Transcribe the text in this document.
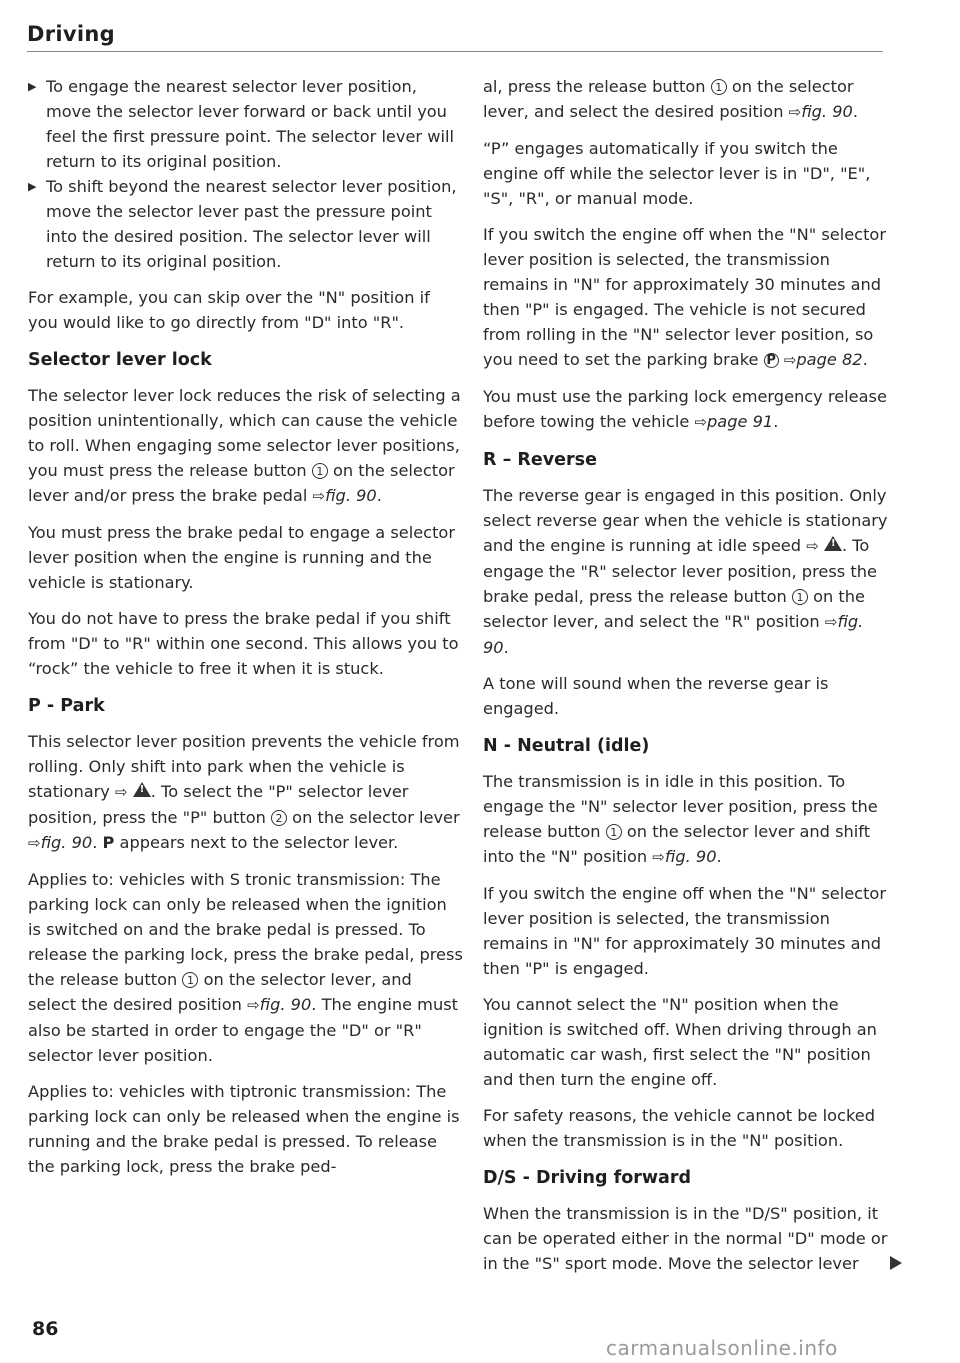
Driving
▶ To engage the nearest selector lever position, move the selector lever forward or back until you feel the first pressure point. The selector lever will return to its original position.
▶ To shift beyond the nearest selector lever position, move the selector lever past the pressure point into the desired position. The selector lever will return to its original position.

For example, you can skip over the "N" position if you would like to go directly from "D" into "R".

Selector lever lock

The selector lever lock reduces the risk of selecting a position unintentionally, which can cause the vehicle to roll. When engaging some selector lever positions, you must press the release button 1 on the selector lever and/or press the brake pedal ⇨fig. 90.

You must press the brake pedal to engage a selector lever position when the engine is running and the vehicle is stationary.

You do not have to press the brake pedal if you shift from "D" to "R" within one second. This allows you to “rock” the vehicle to free it when it is stuck.

P - Park

This selector lever position prevents the vehicle from rolling. Only shift into park when the vehicle is stationary ⇨ ! . To select the "P" selector lever position, press the "P" button 2 on the selector lever ⇨fig. 90. P appears next to the selector lever.

Applies to: vehicles with S tronic transmission: The parking lock can only be released when the ignition is switched on and the brake pedal is pressed. To release the parking lock, press the brake pedal, press the release button 1 on the selector lever, and select the desired position ⇨fig. 90. The engine must also be started in order to engage the "D" or "R" selector lever position.

Applies to: vehicles with tiptronic transmission: The parking lock can only be released when the engine is running and the brake pedal is pressed. To release the parking lock, press the brake ped-

al, press the release button 1 on the selector lever, and select the desired position ⇨fig. 90.

“P” engages automatically if you switch the engine off while the selector lever is in "D", "E", "S", "R", or manual mode.

If you switch the engine off when the "N" selector lever position is selected, the transmission remains in "N" for approximately 30 minutes and then "P" is engaged. The vehicle is not secured from rolling in the "N" selector lever position, so you need to set the parking brake P ⇨page 82.

You must use the parking lock emergency release before towing the vehicle ⇨page 91.

R – Reverse

The reverse gear is engaged in this position. Only select reverse gear when the vehicle is stationary and the engine is running at idle speed ⇨ ! . To engage the "R" selector lever position, press the brake pedal, press the release button 1 on the selector lever, and select the "R" position ⇨fig. 90.

A tone will sound when the reverse gear is engaged.

N - Neutral (idle)

The transmission is in idle in this position. To engage the "N" selector lever position, press the release button 1 on the selector lever and shift into the "N" position ⇨fig. 90.

If you switch the engine off when the "N" selector lever position is selected, the transmission remains in "N" for approximately 30 minutes and then "P" is engaged.

You cannot select the "N" position when the ignition is switched off. When driving through an automatic car wash, first select the "N" position and then turn the engine off.

For safety reasons, the vehicle cannot be locked when the transmission is in the "N" position.

D/S - Driving forward

When the transmission is in the "D/S" position, it can be operated either in the normal "D" mode or in the "S" sport mode. Move the selector lever

86
carmanualsonline.info
